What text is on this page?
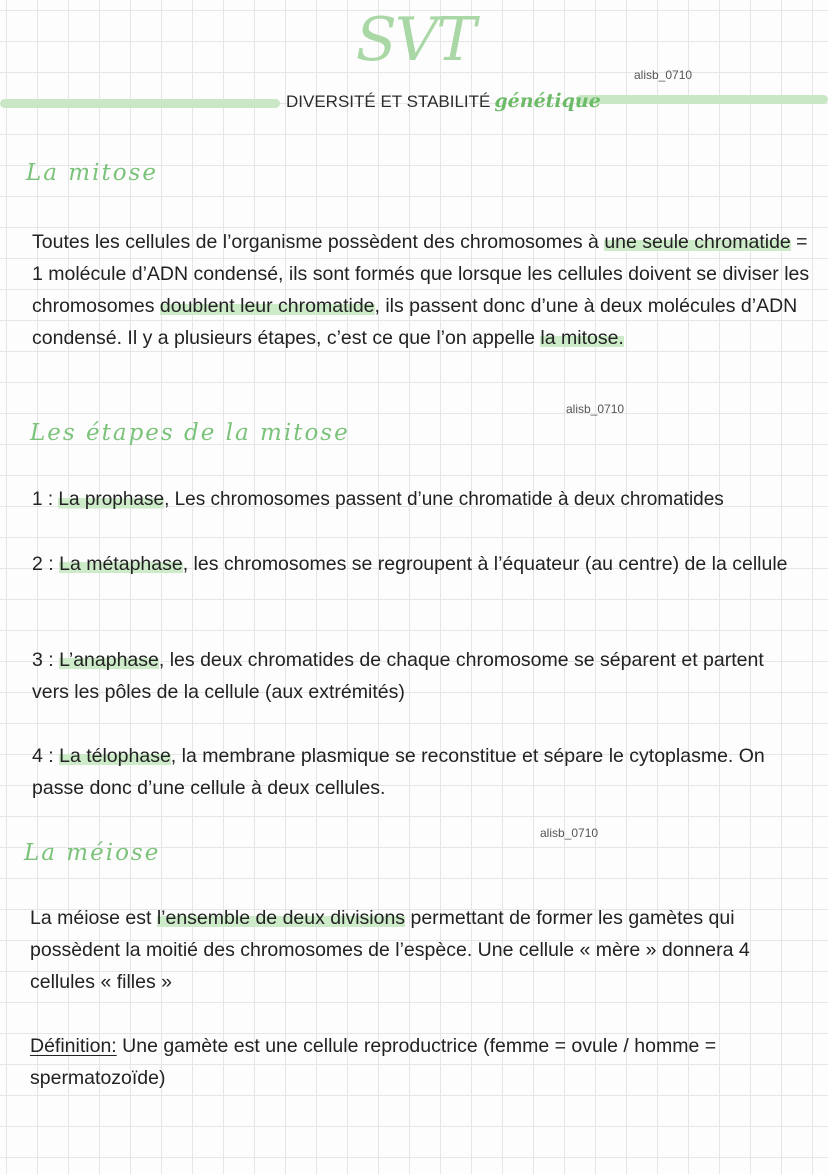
SVT
DIVERSITÉ ET STABILITÉ génétique
alisb_0710
La mitose

Toutes les cellules de l’organisme possèdent des chromosomes à une seule chromatide = 1 molécule d’ADN condensé, ils sont formés que lorsque les cellules doivent se diviser les chromosomes doublent leur chromatide, ils passent donc d’une à deux molécules d’ADN condensé. Il y a plusieurs étapes, c’est ce que l’on appelle la mitose.

alisb_0710
Les étapes de la mitose

1 : La prophase, Les chromosomes passent d’une chromatide à deux chromatides

2 : La métaphase, les chromosomes se regroupent à l’équateur (au centre) de la cellule

3 : L’anaphase, les deux chromatides de chaque chromosome se séparent et partent vers les pôles de la cellule (aux extrémités)

4 : La télophase, la membrane plasmique se reconstitue et sépare le cytoplasme. On passe donc d’une cellule à deux cellules.

alisb_0710
La méiose

La méiose est l’ensemble de deux divisions permettant de former les gamètes qui possèdent la moitié des chromosomes de l’espèce. Une cellule « mère » donnera 4 cellules « filles »

Définition: Une gamète est une cellule reproductrice (femme = ovule / homme = spermatozoïde)
